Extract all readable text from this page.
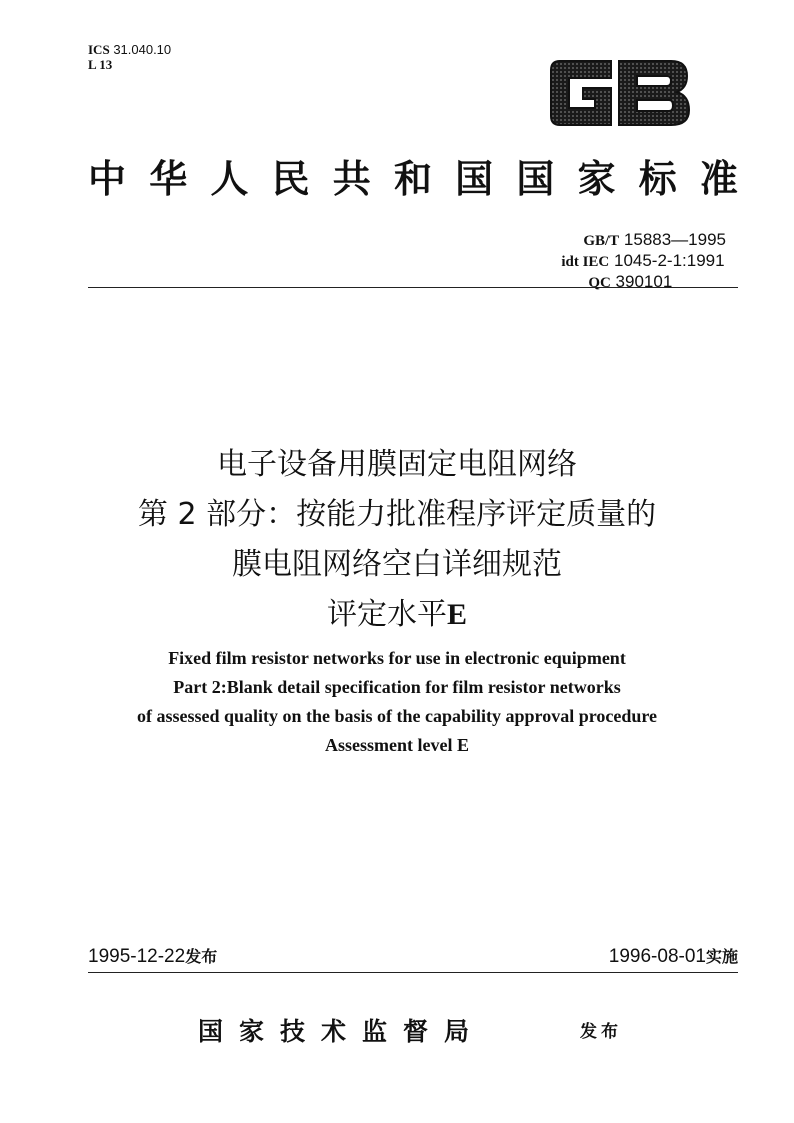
ICS 31.040.10
L 13
中 华 人 民 共 和 国 国 家 标 准
GB/T 15883—1995
idt IEC 1045-2-1:1991
QC 390101
电子设备用膜固定电阻网络
第 2 部分：按能力批准程序评定质量的
膜电阻网络空白详细规范
评定水平E
Fixed film resistor networks for use in electronic equipment
Part 2:Blank detail specification for film resistor networks
of assessed quality on the basis of the capability approval procedure
Assessment level E
1995-12-22发布	1996-08-01实施
国家技术监督局	发布
